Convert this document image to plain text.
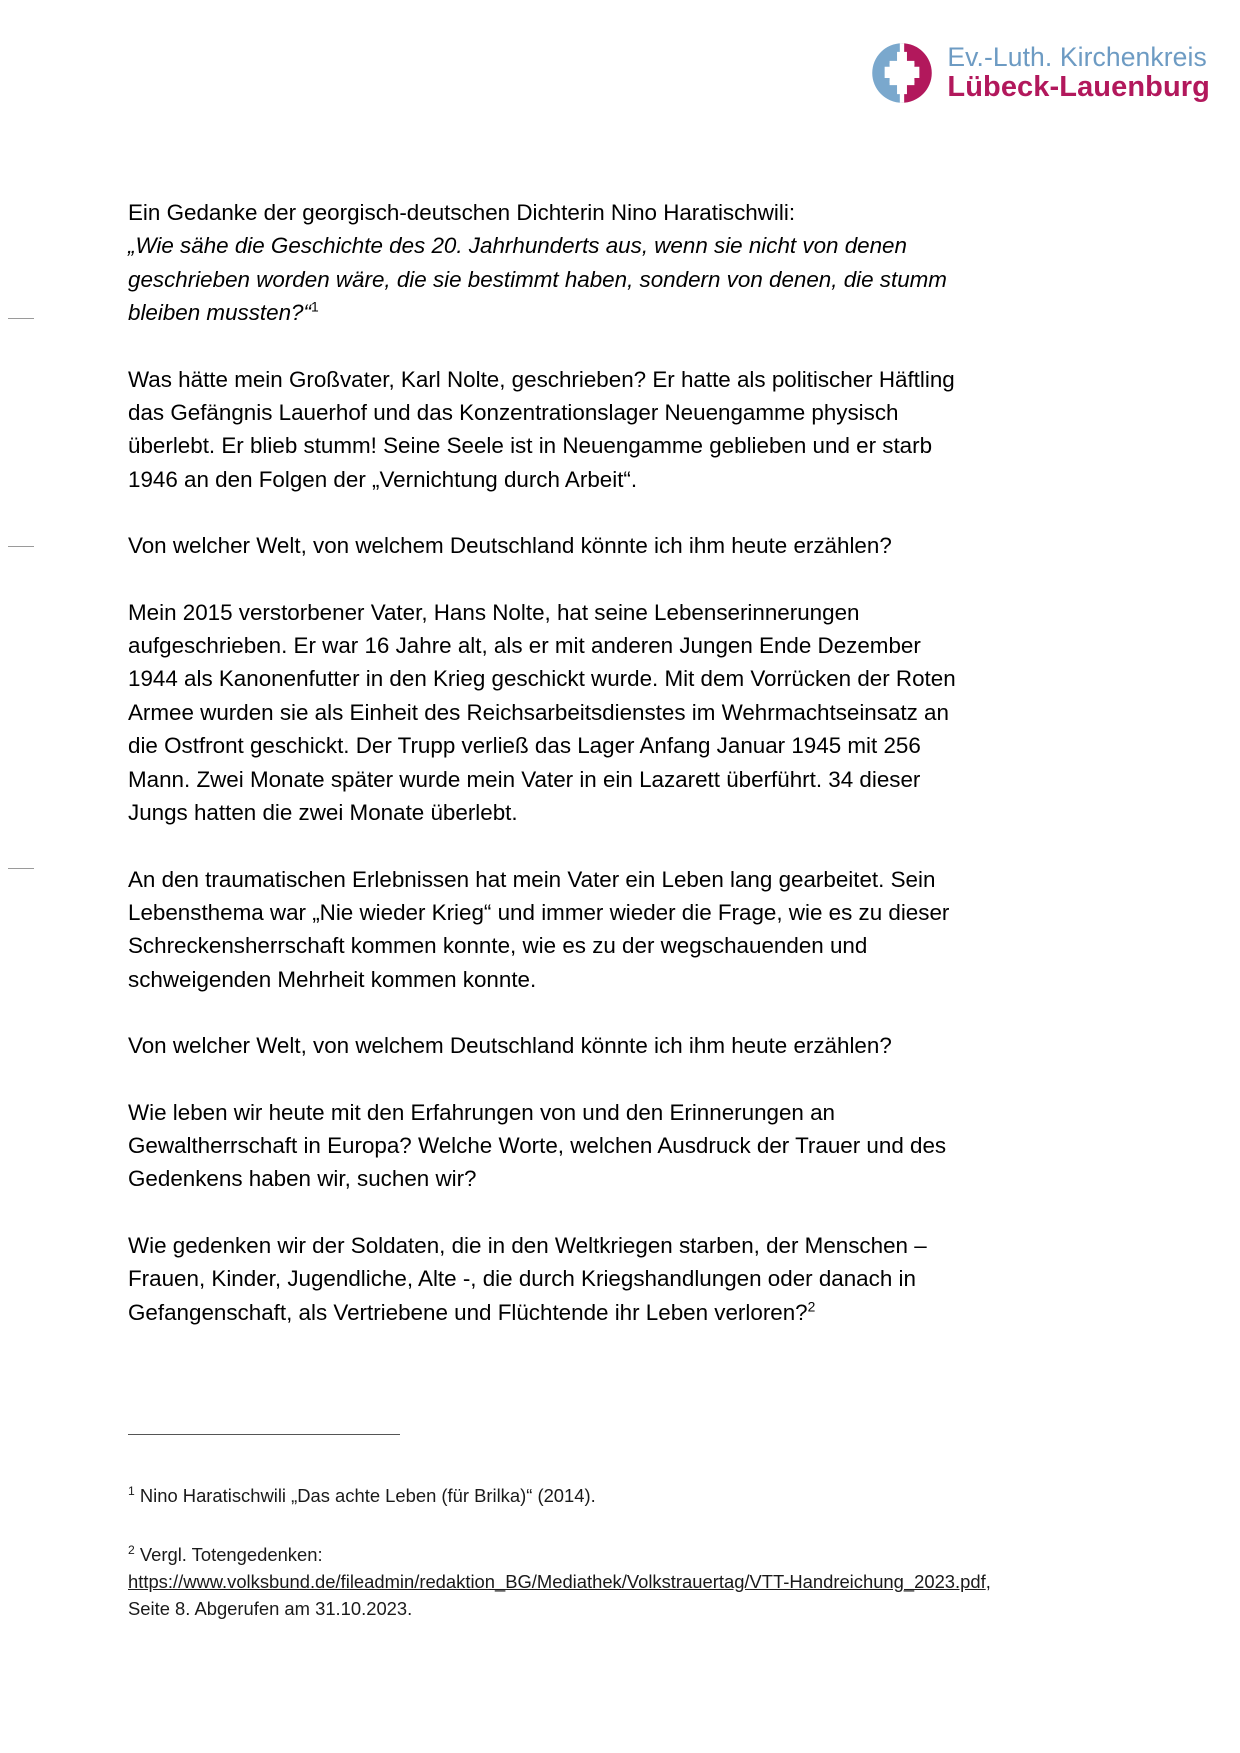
Ev.-Luth. Kirchenkreis
Lübeck-Lauenburg

Ein Gedanke der georgisch-deutschen Dichterin Nino Haratischwili:

„Wie sähe die Geschichte des 20. Jahrhunderts aus, wenn sie nicht von denen geschrieben worden wäre, die sie bestimmt haben, sondern von denen, die stumm bleiben mussten?“$^1$

Was hätte mein Großvater, Karl Nolte, geschrieben? Er hatte als politischer Häftling das Gefängnis Lauerhof und das Konzentrationslager Neuengamme physisch überlebt. Er blieb stumm! Seine Seele ist in Neuengamme geblieben und er starb 1946 an den Folgen der „Vernichtung durch Arbeit“.

Von welcher Welt, von welchem Deutschland könnte ich ihm heute erzählen?

Mein 2015 verstorbener Vater, Hans Nolte, hat seine Lebenserinnerungen aufgeschrieben. Er war 16 Jahre alt, als er mit anderen Jungen Ende Dezember 1944 als Kanonenfutter in den Krieg geschickt wurde. Mit dem Vorrücken der Roten Armee wurden sie als Einheit des Reichsarbeitsdienstes im Wehrmachtseinsatz an die Ostfront geschickt. Der Trupp verließ das Lager Anfang Januar 1945 mit 256 Mann. Zwei Monate später wurde mein Vater in ein Lazarett überführt. 34 dieser Jungs hatten die zwei Monate überlebt.

An den traumatischen Erlebnissen hat mein Vater ein Leben lang gearbeitet. Sein Lebensthema war „Nie wieder Krieg“ und immer wieder die Frage, wie es zu dieser Schreckensherrschaft kommen konnte, wie es zu der wegschauenden und schweigenden Mehrheit kommen konnte.

Von welcher Welt, von welchem Deutschland könnte ich ihm heute erzählen?

Wie leben wir heute mit den Erfahrungen von und den Erinnerungen an Gewaltherrschaft in Europa? Welche Worte, welchen Ausdruck der Trauer und des Gedenkens haben wir, suchen wir?

Wie gedenken wir der Soldaten, die in den Weltkriegen starben, der Menschen – Frauen, Kinder, Jugendliche, Alte -, die durch Kriegshandlungen oder danach in Gefangenschaft, als Vertriebene und Flüchtende ihr Leben verloren?$^2$

$^1$ Nino Haratischwili „Das achte Leben (für Brilka)“ (2014).

$^2$ Vergl. Totengedenken:
https://www.volksbund.de/fileadmin/redaktion_BG/Mediathek/Volkstrauertag/VTT-Handreichung_2023.pdf, Seite 8. Abgerufen am 31.10.2023.
